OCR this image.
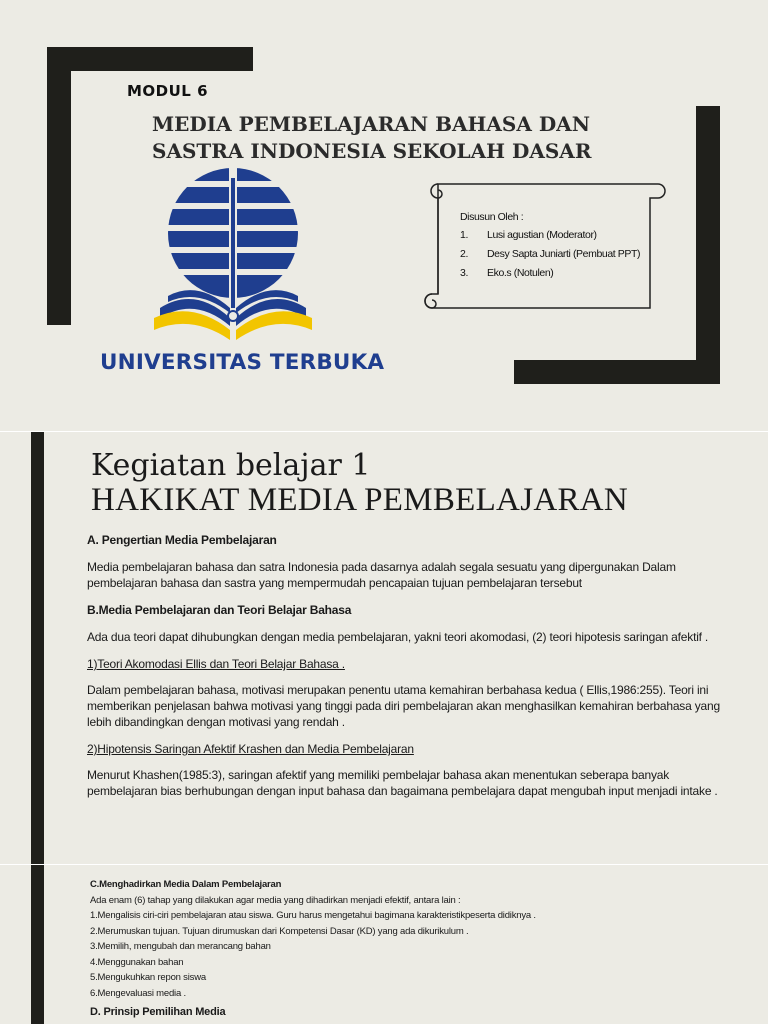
MODUL 6
MEDIA PEMBELAJARAN BAHASA DAN
SASTRA INDONESIA SEKOLAH DASAR
UNIVERSITAS TERBUKA
Disusun Oleh :
1.	Lusi agustian (Moderator)
2.	Desy Sapta Juniarti (Pembuat PPT)
3.	Eko.s (Notulen)
Kegiatan belajar 1
HAKIKAT MEDIA PEMBELAJARAN
A. Pengertian Media Pembelajaran

Media pembelajaran bahasa dan satra Indonesia pada dasarnya adalah segala sesuatu yang dipergunakan Dalam pembelajaran bahasa dan sastra yang mempermudah pencapaian tujuan pembelajaran tersebut

B.Media Pembelajaran dan Teori Belajar Bahasa

Ada dua teori dapat dihubungkan dengan media pembelajaran, yakni teori akomodasi, (2) teori hipotesis saringan afektif .

1)Teori Akomodasi Ellis dan Teori Belajar Bahasa .

Dalam pembelajaran bahasa, motivasi merupakan penentu utama kemahiran berbahasa kedua ( Ellis,1986:255). Teori ini memberikan penjelasan bahwa motivasi yang tinggi pada diri pembelajaran akan menghasilkan kemahiran berbahasa yang lebih dibandingkan dengan motivasi yang rendah .

2)Hipotensis Saringan Afektif Krashen dan Media Pembelajaran

Menurut Khashen(1985:3), saringan afektif yang memiliki pembelajar bahasa akan menentukan seberapa banyak pembelajaran bias berhubungan dengan input bahasa dan bagaimana pembelajara dapat mengubah input menjadi intake .

C.Menghadirkan Media Dalam Pembelajaran
Ada enam (6) tahap yang dilakukan agar media yang dihadirkan menjadi efektif, antara lain :
1.Mengalisis ciri-ciri pembelajaran atau siswa. Guru harus mengetahui bagimana karakteristikpeserta didiknya .
2.Merumuskan tujuan. Tujuan dirumuskan dari Kompetensi Dasar (KD) yang ada dikurikulum .
3.Memilih, mengubah dan merancang bahan
4.Menggunakan bahan
5.Mengukuhkan repon siswa
6.Mengevaluasi media .
D. Prinsip Pemilihan Media
